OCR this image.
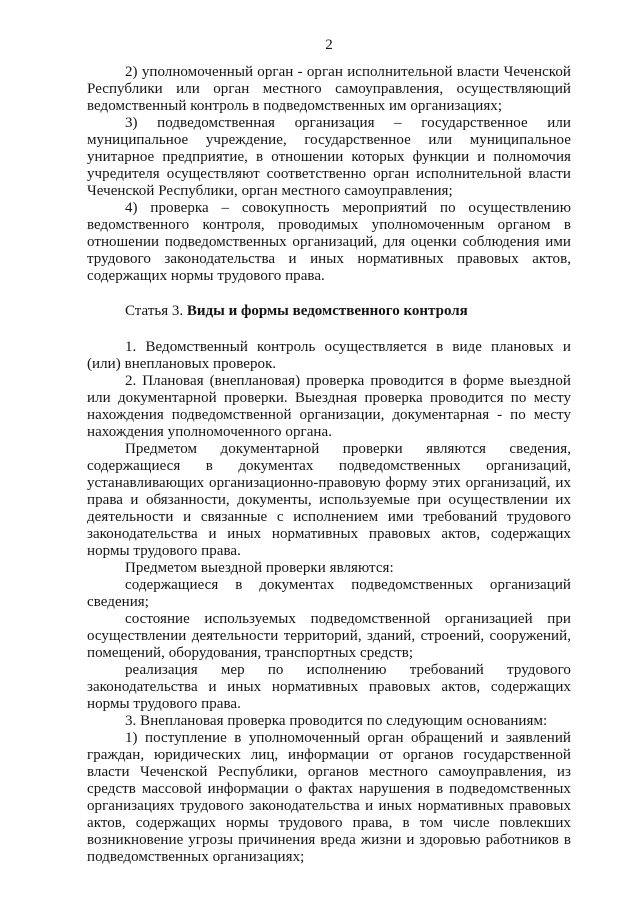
2

2) уполномоченный орган - орган исполнительной власти Чеченской Республики или орган местного самоуправления, осуществляющий ведомственный контроль в подведомственных им организациях;

3) подведомственная организация – государственное или муниципальное учреждение, государственное или муниципальное унитарное предприятие, в отношении которых функции и полномочия учредителя осуществляют соответственно орган исполнительной власти Чеченской Республики, орган местного самоуправления;

4) проверка – совокупность мероприятий по осуществлению ведомственного контроля, проводимых уполномоченным органом в отношении подведомственных организаций, для оценки соблюдения ими трудового законодательства и иных нормативных правовых актов, содержащих нормы трудового права.

Статья 3. Виды и формы ведомственного контроля

1. Ведомственный контроль осуществляется в виде плановых и (или) внеплановых проверок.

2. Плановая (внеплановая) проверка проводится в форме выездной или документарной проверки. Выездная проверка проводится по месту нахождения подведомственной организации, документарная - по месту нахождения уполномоченного органа.

Предметом документарной проверки являются сведения, содержащиеся в документах подведомственных организаций, устанавливающих организационно-правовую форму этих организаций, их права и обязанности, документы, используемые при осуществлении их деятельности и связанные с исполнением ими требований трудового законодательства и иных нормативных правовых актов, содержащих нормы трудового права.

Предметом выездной проверки являются:

содержащиеся в документах подведомственных организаций сведения;

состояние используемых подведомственной организацией при осуществлении деятельности территорий, зданий, строений, сооружений, помещений, оборудования, транспортных средств;

реализация мер по исполнению требований трудового законодательства и иных нормативных правовых актов, содержащих нормы трудового права.

3. Внеплановая проверка проводится по следующим основаниям:

1) поступление в уполномоченный орган обращений и заявлений граждан, юридических лиц, информации от органов государственной власти Чеченской Республики, органов местного самоуправления, из средств массовой информации о фактах нарушения в подведомственных организациях трудового законодательства и иных нормативных правовых актов, содержащих нормы трудового права, в том числе повлекших возникновение угрозы причинения вреда жизни и здоровью работников в подведомственных организациях;
